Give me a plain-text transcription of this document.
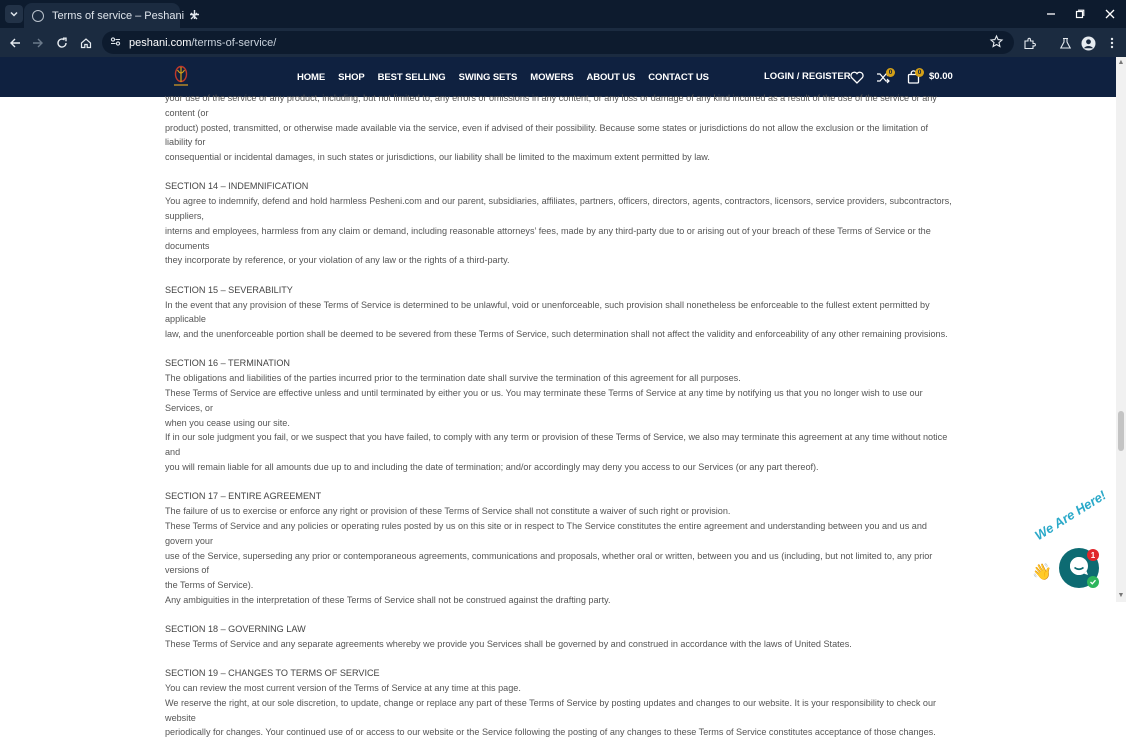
Terms of service – Peshani
peshani.com/terms-of-service/
HOME SHOP BEST SELLING SWING SETS MOWERS ABOUT US CONTACT US	LOGIN / REGISTER	0	0 $0.00

your use of the service or any product, including, but not limited to, any errors or omissions in any content, or any loss or damage of any kind incurred as a result of the use of the service or any content (or

product) posted, transmitted, or otherwise made available via the service, even if advised of their possibility. Because some states or jurisdictions do not allow the exclusion or the limitation of liability for

consequential or incidental damages, in such states or jurisdictions, our liability shall be limited to the maximum extent permitted by law.

SECTION 14 – INDEMNIFICATION

You agree to indemnify, defend and hold harmless Pesheni.com and our parent, subsidiaries, affiliates, partners, officers, directors, agents, contractors, licensors, service providers, subcontractors, suppliers,

interns and employees, harmless from any claim or demand, including reasonable attorneys’ fees, made by any third-party due to or arising out of your breach of these Terms of Service or the documents

they incorporate by reference, or your violation of any law or the rights of a third-party.

SECTION 15 – SEVERABILITY

In the event that any provision of these Terms of Service is determined to be unlawful, void or unenforceable, such provision shall nonetheless be enforceable to the fullest extent permitted by applicable

law, and the unenforceable portion shall be deemed to be severed from these Terms of Service, such determination shall not affect the validity and enforceability of any other remaining provisions.

SECTION 16 – TERMINATION

The obligations and liabilities of the parties incurred prior to the termination date shall survive the termination of this agreement for all purposes.

These Terms of Service are effective unless and until terminated by either you or us. You may terminate these Terms of Service at any time by notifying us that you no longer wish to use our Services, or

when you cease using our site.

If in our sole judgment you fail, or we suspect that you have failed, to comply with any term or provision of these Terms of Service, we also may terminate this agreement at any time without notice and

you will remain liable for all amounts due up to and including the date of termination; and/or accordingly may deny you access to our Services (or any part thereof).

SECTION 17 – ENTIRE AGREEMENT

The failure of us to exercise or enforce any right or provision of these Terms of Service shall not constitute a waiver of such right or provision.

These Terms of Service and any policies or operating rules posted by us on this site or in respect to The Service constitutes the entire agreement and understanding between you and us and govern your

use of the Service, superseding any prior or contemporaneous agreements, communications and proposals, whether oral or written, between you and us (including, but not limited to, any prior versions of

the Terms of Service).

Any ambiguities in the interpretation of these Terms of Service shall not be construed against the drafting party.

SECTION 18 – GOVERNING LAW

These Terms of Service and any separate agreements whereby we provide you Services shall be governed by and construed in accordance with the laws of United States.

SECTION 19 – CHANGES TO TERMS OF SERVICE

You can review the most current version of the Terms of Service at any time at this page.

We reserve the right, at our sole discretion, to update, change or replace any part of these Terms of Service by posting updates and changes to our website. It is your responsibility to check our website

periodically for changes. Your continued use of or access to our website or the Service following the posting of any changes to these Terms of Service constitutes acceptance of those changes.

▲
▼
We Are Here!
👋
1
